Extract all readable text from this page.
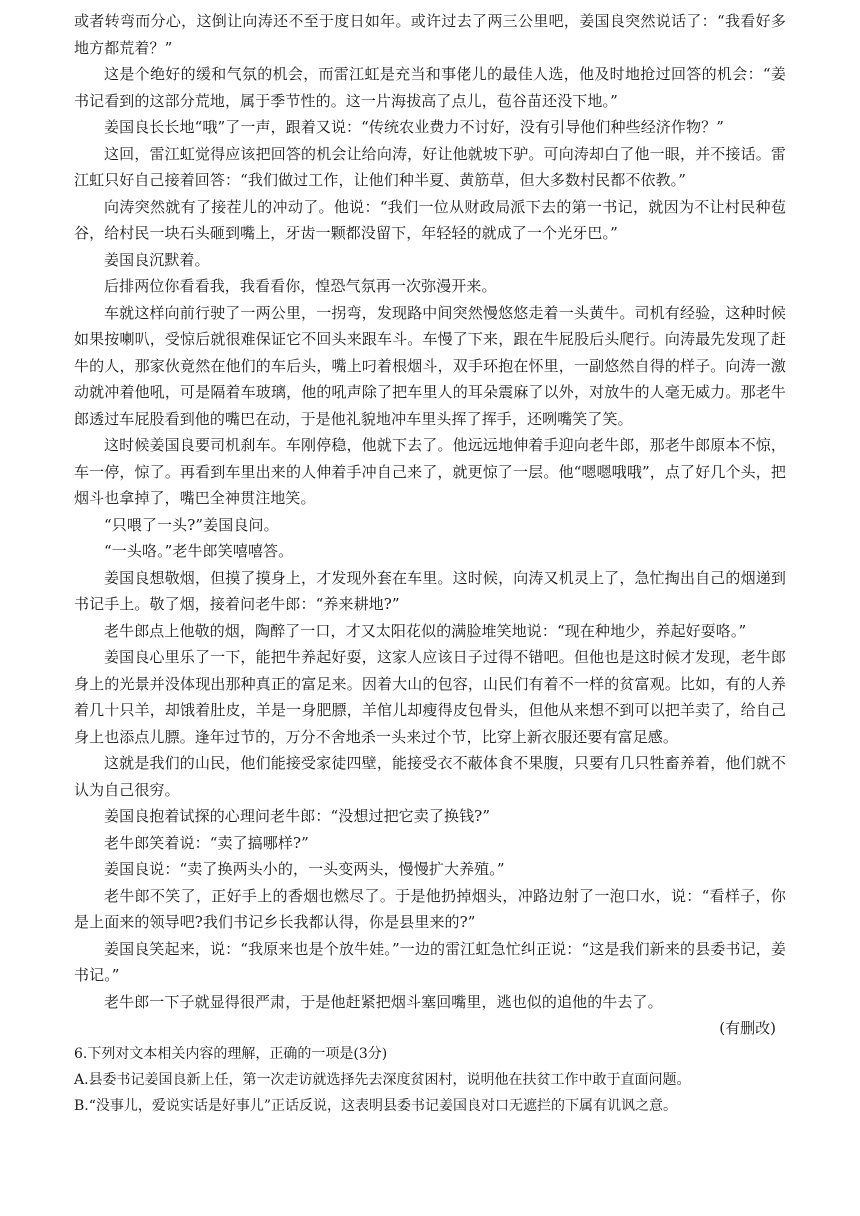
或者转弯而分心，这倒让向涛还不至于度日如年。或许过去了两三公里吧，姜国良突然说话了：“我看好多地方都荒着？”

这是个绝好的缓和气氛的机会，而雷江虹是充当和事佬儿的最佳人选，他及时地抢过回答的机会：“姜书记看到的这部分荒地，属于季节性的。这一片海拔高了点儿，苞谷苗还没下地。”

姜国良长长地“哦”了一声，跟着又说：“传统农业费力不讨好，没有引导他们种些经济作物？”

这回，雷江虹觉得应该把回答的机会让给向涛，好让他就坡下驴。可向涛却白了他一眼，并不接话。雷江虹只好自己接着回答：“我们做过工作，让他们种半夏、黄筋草，但大多数村民都不依教。”

向涛突然就有了接茬儿的冲动了。他说：“我们一位从财政局派下去的第一书记，就因为不让村民种苞谷，给村民一块石头砸到嘴上，牙齿一颗都没留下，年轻轻的就成了一个光牙巴。”

姜国良沉默着。

后排两位你看看我，我看看你，惶恐气氛再一次弥漫开来。

车就这样向前行驶了一两公里，一拐弯，发现路中间突然慢悠悠走着一头黄牛。司机有经验，这种时候如果按喇叭，受惊后就很难保证它不回头来跟车斗。车慢了下来，跟在牛屁股后头爬行。向涛最先发现了赶牛的人，那家伙竟然在他们的车后头，嘴上叼着根烟斗，双手环抱在怀里，一副悠然自得的样子。向涛一激动就冲着他吼，可是隔着车玻璃，他的吼声除了把车里人的耳朵震麻了以外，对放牛的人毫无威力。那老牛郎透过车屁股看到他的嘴巴在动，于是他礼貌地冲车里头挥了挥手，还咧嘴笑了笑。

这时候姜国良要司机刹车。车刚停稳，他就下去了。他远远地伸着手迎向老牛郎，那老牛郎原本不惊，车一停，惊了。再看到车里出来的人伸着手冲自己来了，就更惊了一层。他“嗯嗯哦哦”，点了好几个头，把烟斗也拿掉了，嘴巴全神贯注地笑。

“只喂了一头?”姜国良问。

“一头咯。”老牛郎笑嘻嘻答。

姜国良想敬烟，但摸了摸身上，才发现外套在车里。这时候，向涛又机灵上了，急忙掏出自己的烟递到书记手上。敬了烟，接着问老牛郎：“养来耕地?”

老牛郎点上他敬的烟，陶醉了一口，才又太阳花似的满脸堆笑地说：“现在种地少，养起好耍咯。”

姜国良心里乐了一下，能把牛养起好耍，这家人应该日子过得不错吧。但他也是这时候才发现，老牛郎身上的光景并没体现出那种真正的富足来。因着大山的包容，山民们有着不一样的贫富观。比如，有的人养着几十只羊，却饿着肚皮，羊是一身肥膘，羊倌儿却瘦得皮包骨头，但他从来想不到可以把羊卖了，给自己身上也添点儿膘。逢年过节的，万分不舍地杀一头来过个节，比穿上新衣服还要有富足感。

这就是我们的山民，他们能接受家徒四壁，能接受衣不蔽体食不果腹，只要有几只牲畜养着，他们就不认为自己很穷。

姜国良抱着试探的心理问老牛郎：“没想过把它卖了换钱?”

老牛郎笑着说：“卖了搞哪样?”

姜国良说：“卖了换两头小的，一头变两头，慢慢扩大养殖。”

老牛郎不笑了，正好手上的香烟也燃尽了。于是他扔掉烟头，冲路边射了一泡口水，说：“看样子，你是上面来的领导吧?我们书记乡长我都认得，你是县里来的?”

姜国良笑起来，说：“我原来也是个放牛娃。”一边的雷江虹急忙纠正说：“这是我们新来的县委书记，姜书记。”

老牛郎一下子就显得很严肃，于是他赶紧把烟斗塞回嘴里，逃也似的追他的牛去了。

(有删改)

6.下列对文本相关内容的理解，正确的一项是(3分)

A.县委书记姜国良新上任，第一次走访就选择先去深度贫困村，说明他在扶贫工作中敢于直面问题。

B.“没事儿，爱说实话是好事儿”正话反说，这表明县委书记姜国良对口无遮拦的下属有讥讽之意。
